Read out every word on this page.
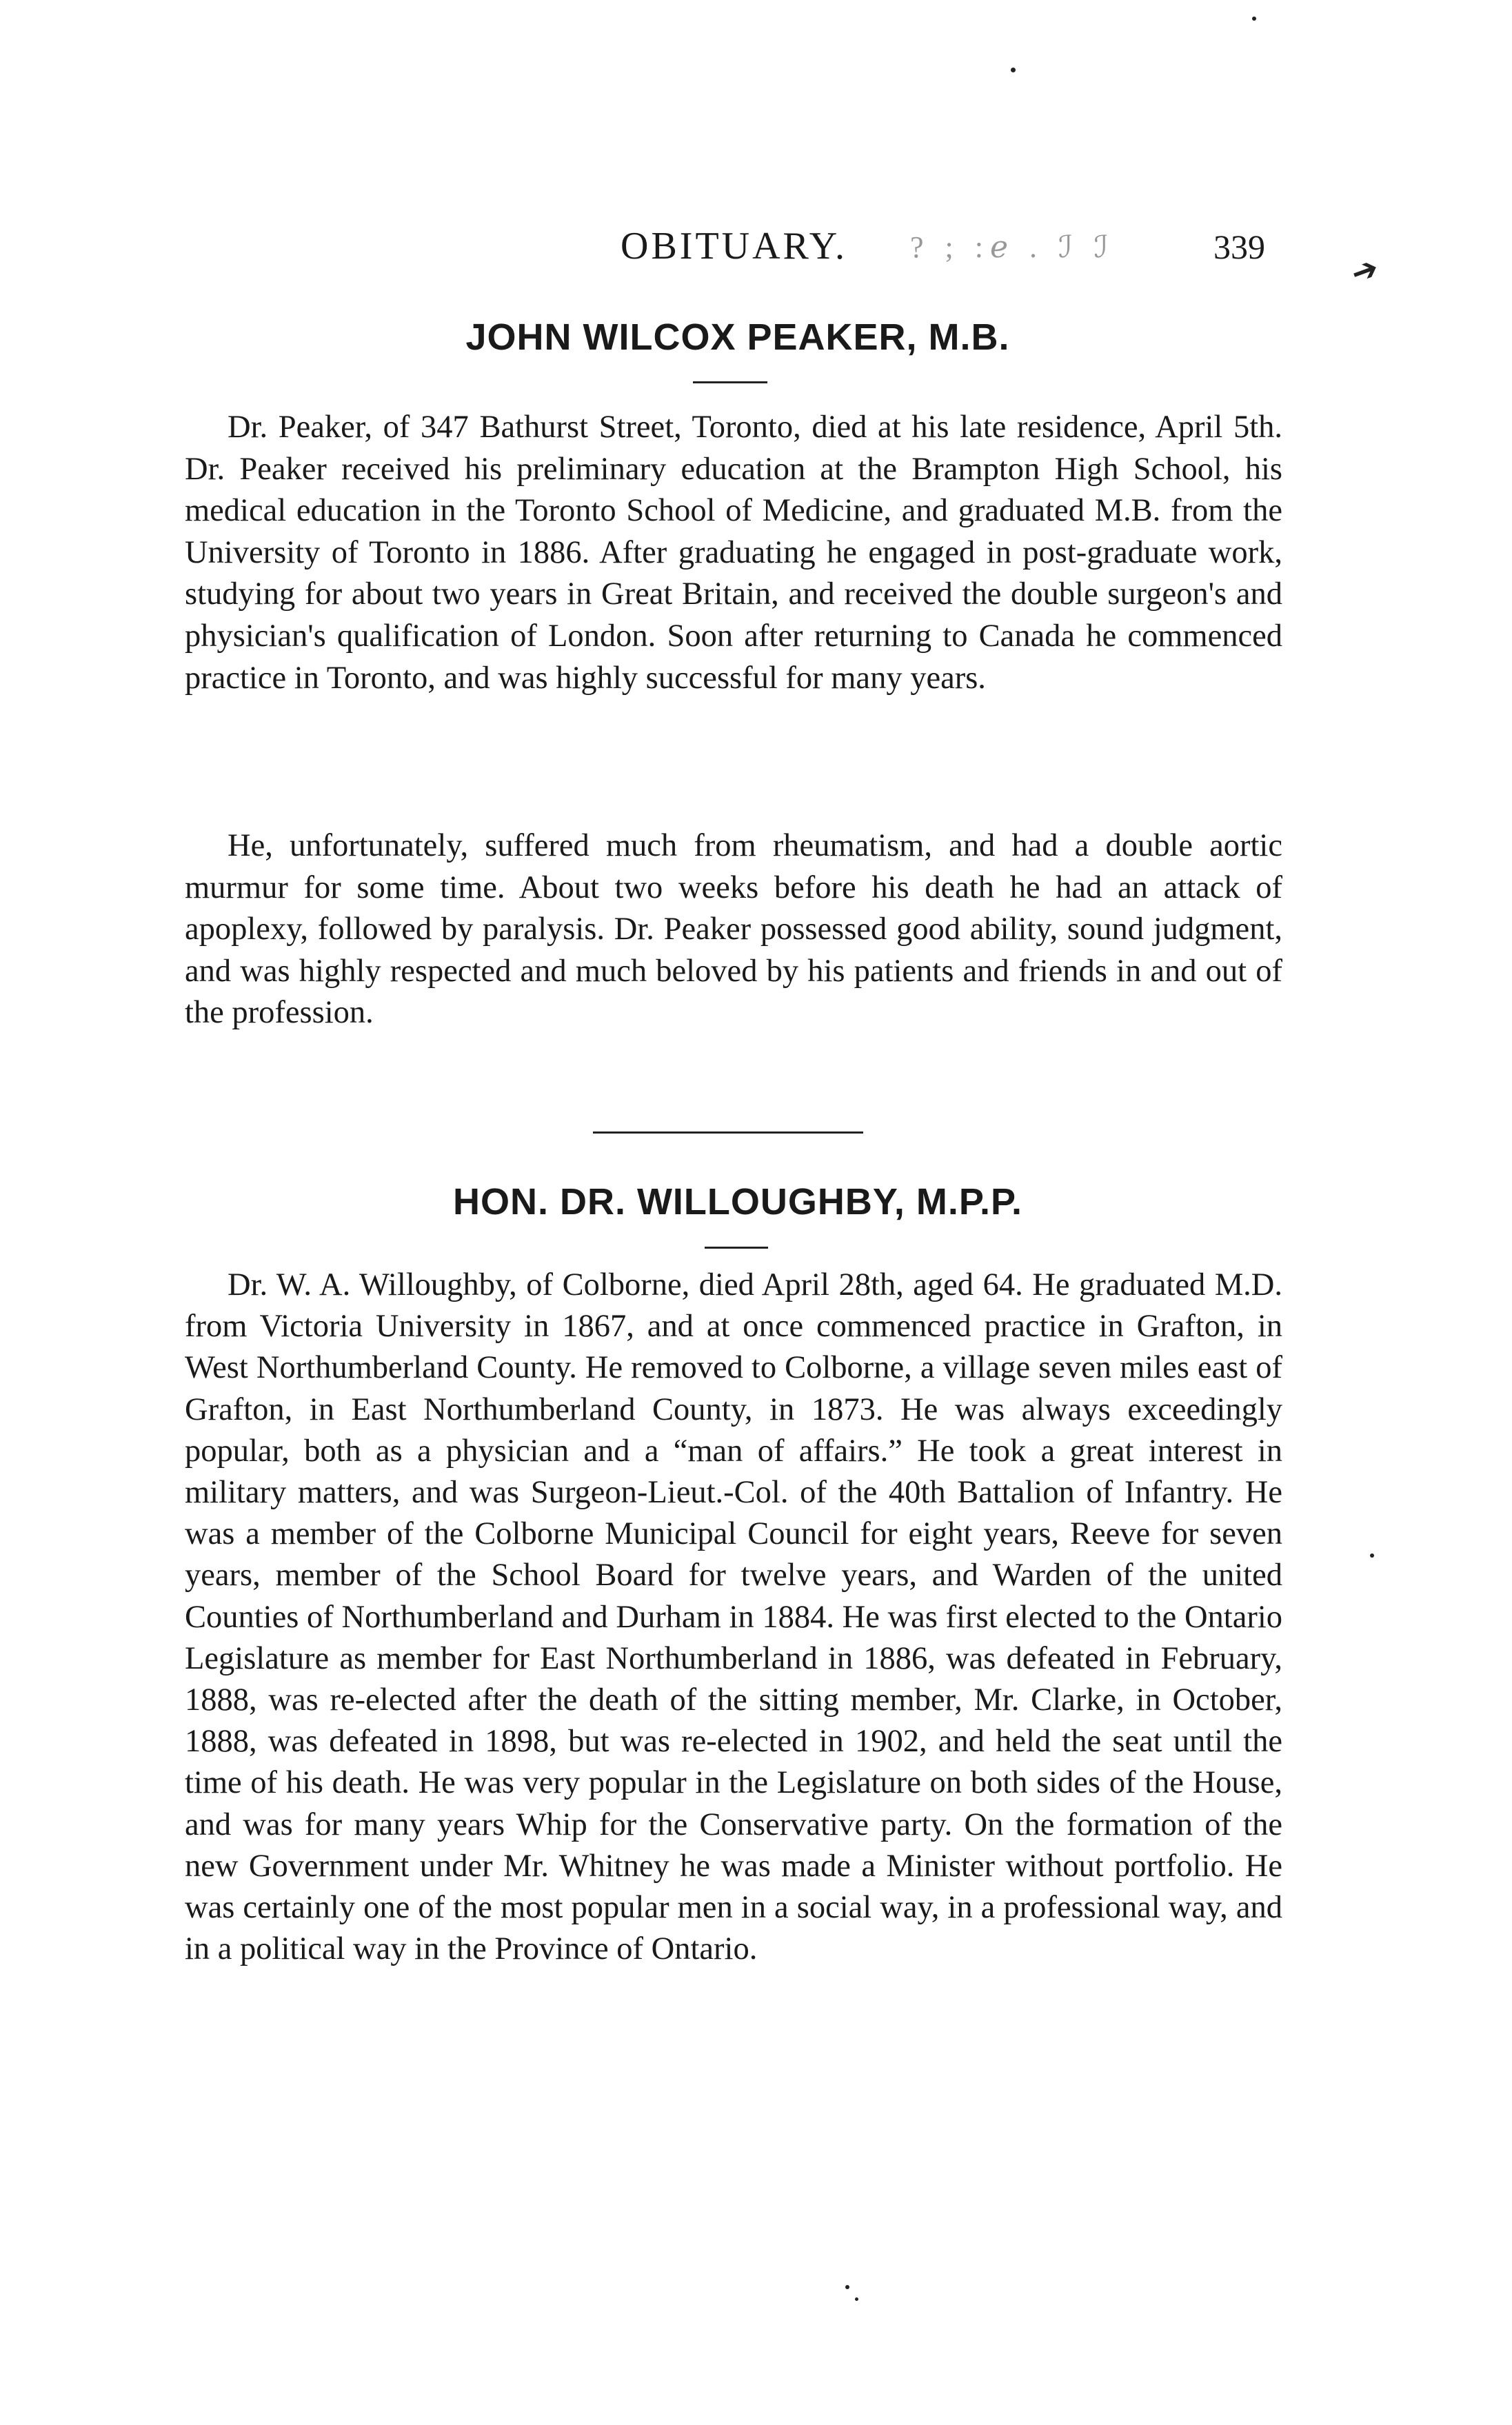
OBITUARY. ? ; :ℯ . ℐ ℐ	339
➔
JOHN WILCOX PEAKER, M.B.

Dr. Peaker, of 347 Bathurst Street, Toronto, died at his late residence, April 5th. Dr. Peaker received his preliminary education at the Brampton High School, his medical education in the Toronto School of Medicine, and graduated M.B. from the University of Toronto in 1886. After graduating he engaged in post-graduate work, studying for about two years in Great Britain, and received the double surgeon's and physician's qualification of London. Soon after returning to Canada he commenced practice in Toronto, and was highly successful for many years.

He, unfortunately, suffered much from rheumatism, and had a double aortic murmur for some time. About two weeks before his death he had an attack of apoplexy, followed by paralysis. Dr. Peaker possessed good ability, sound judgment, and was highly respected and much beloved by his patients and friends in and out of the profession.

HON. DR. WILLOUGHBY, M.P.P.

Dr. W. A. Willoughby, of Colborne, died April 28th, aged 64. He graduated M.D. from Victoria University in 1867, and at once commenced practice in Grafton, in West Northumberland County. He removed to Colborne, a village seven miles east of Grafton, in East Northumberland County, in 1873. He was always exceedingly popular, both as a physician and a “man of affairs.” He took a great interest in military matters, and was Surgeon-Lieut.-Col. of the 40th Battalion of Infantry. He was a member of the Colborne Municipal Council for eight years, Reeve for seven years, member of the School Board for twelve years, and Warden of the united Counties of Northumberland and Durham in 1884. He was first elected to the Ontario Legislature as member for East Northumberland in 1886, was defeated in February, 1888, was re-elected after the death of the sitting member, Mr. Clarke, in October, 1888, was defeated in 1898, but was re-elected in 1902, and held the seat until the time of his death. He was very popular in the Legislature on both sides of the House, and was for many years Whip for the Conservative party. On the formation of the new Government under Mr. Whitney he was made a Minister without portfolio. He was certainly one of the most popular men in a social way, in a professional way, and in a political way in the Province of Ontario.
